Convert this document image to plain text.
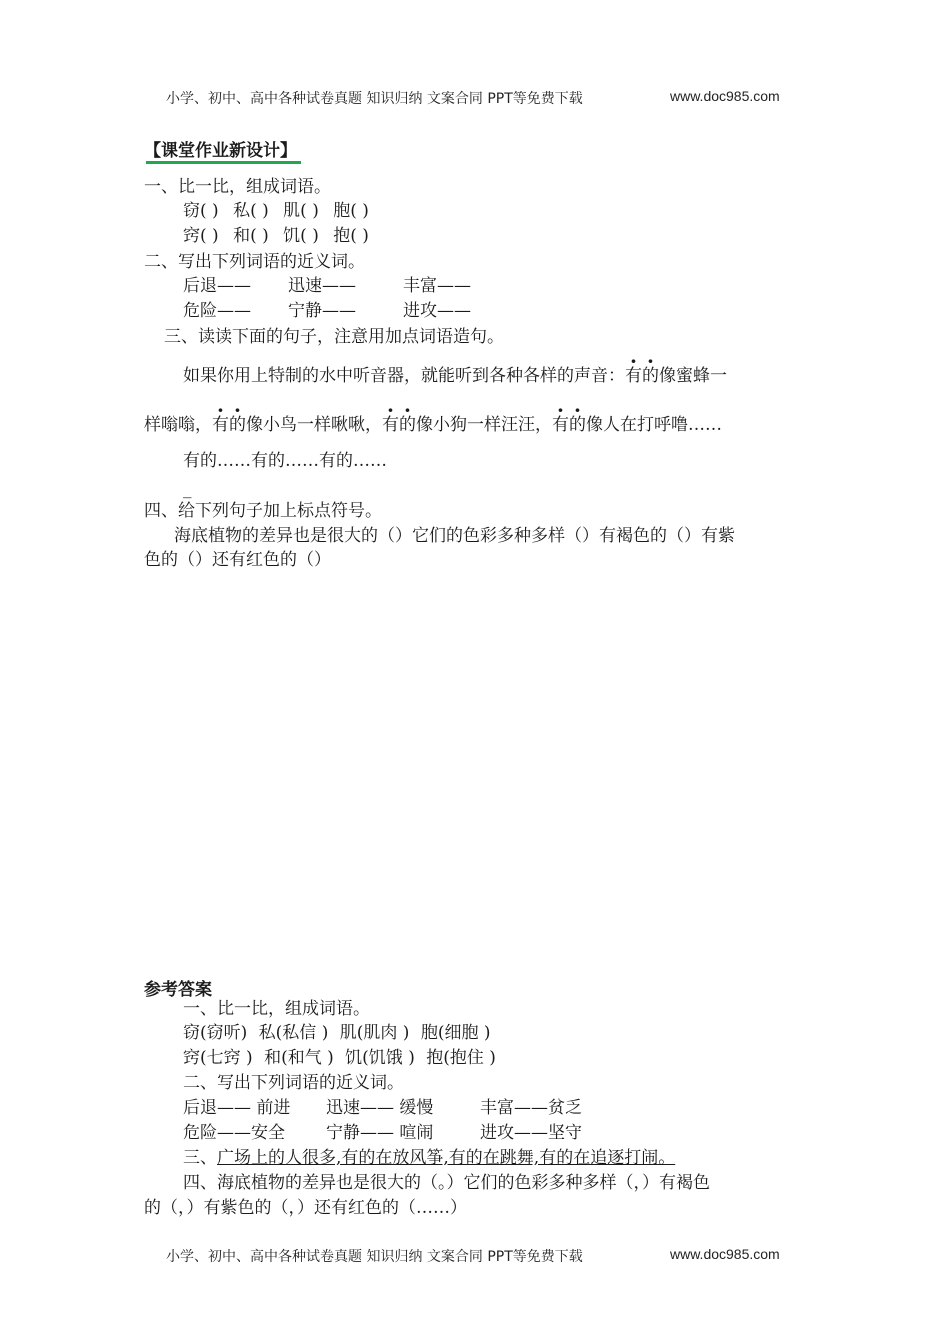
小学、初中、高中各种试卷真题 知识归纳 文案合同 PPT等免费下载	www.doc985.com
【课堂作业新设计】
一、比一比，组成词语。
窃( ) 私( ) 肌( ) 胞( )
窍( ) 和( ) 饥( ) 抱( )
二、写出下列词语的近义词。
后退—— 迅速——	丰富——
危险—— 宁静——	进攻——
三、读读下面的句子，注意用加点词语造句。
如果你用上特制的水中听音器，就能听到各种各样的声音：有的像蜜蜂一
样嗡嗡，有的像小鸟一样啾啾，有的像小狗一样汪汪，有的像人在打呼噜……
有的……有的……有的……
_
四、给下列句子加上标点符号。
海底植物的差异也是很大的（）它们的色彩多种多样（）有褐色的（）有紫
色的（）还有红色的（）
参考答案
一、比一比，组成词语。
窃(窃听) 私(私信 ) 肌(肌肉 ) 胞(细胞 )
窍(七窍 ) 和(和气 ) 饥(饥饿 ) 抱(抱住 )
二、写出下列词语的近义词。
后退—— 前进 迅速—— 缓慢	丰富——贫乏
危险——安全 宁静—— 喧闹	进攻——坚守
三、广场上的人很多,有的在放风筝,有的在跳舞,有的在追逐打闹。
四、海底植物的差异也是很大的（。）它们的色彩多种多样（，）有褐色
的（，）有紫色的（，）还有红色的（……）
小学、初中、高中各种试卷真题 知识归纳 文案合同 PPT等免费下载	www.doc985.com
